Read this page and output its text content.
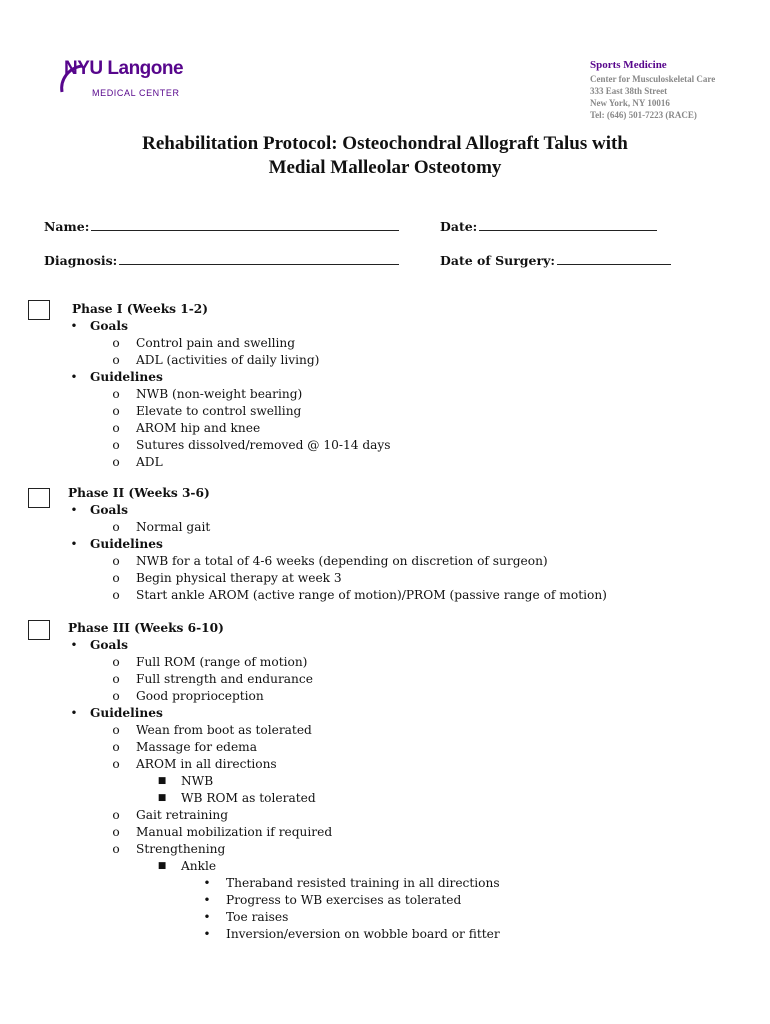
NYU Langone
MEDICAL CENTER
Sports Medicine
Center for Musculoskeletal Care
333 East 38th Street
New York, NY 10016
Tel: (646) 501-7223 (RACE)
Rehabilitation Protocol: Osteochondral Allograft Talus with
Medial Malleolar Osteotomy
Name:	Date:
Diagnosis:	Date of Surgery:
Phase I (Weeks 1-2)
• Goals
o Control pain and swelling
o ADL (activities of daily living)
• Guidelines
o NWB (non-weight bearing)
o Elevate to control swelling
o AROM hip and knee
o Sutures dissolved/removed @ 10-14 days
o ADL
Phase II (Weeks 3-6)
• Goals
o Normal gait
• Guidelines
o NWB for a total of 4-6 weeks (depending on discretion of surgeon)
o Begin physical therapy at week 3
o Start ankle AROM (active range of motion)/PROM (passive range of motion)
Phase III (Weeks 6-10)
• Goals
o Full ROM (range of motion)
o Full strength and endurance
o Good proprioception
• Guidelines
o Wean from boot as tolerated
o Massage for edema
o AROM in all directions
■ NWB
■ WB ROM as tolerated
o Gait retraining
o Manual mobilization if required
o Strengthening
■ Ankle
• Theraband resisted training in all directions
• Progress to WB exercises as tolerated
• Toe raises
• Inversion/eversion on wobble board or fitter
